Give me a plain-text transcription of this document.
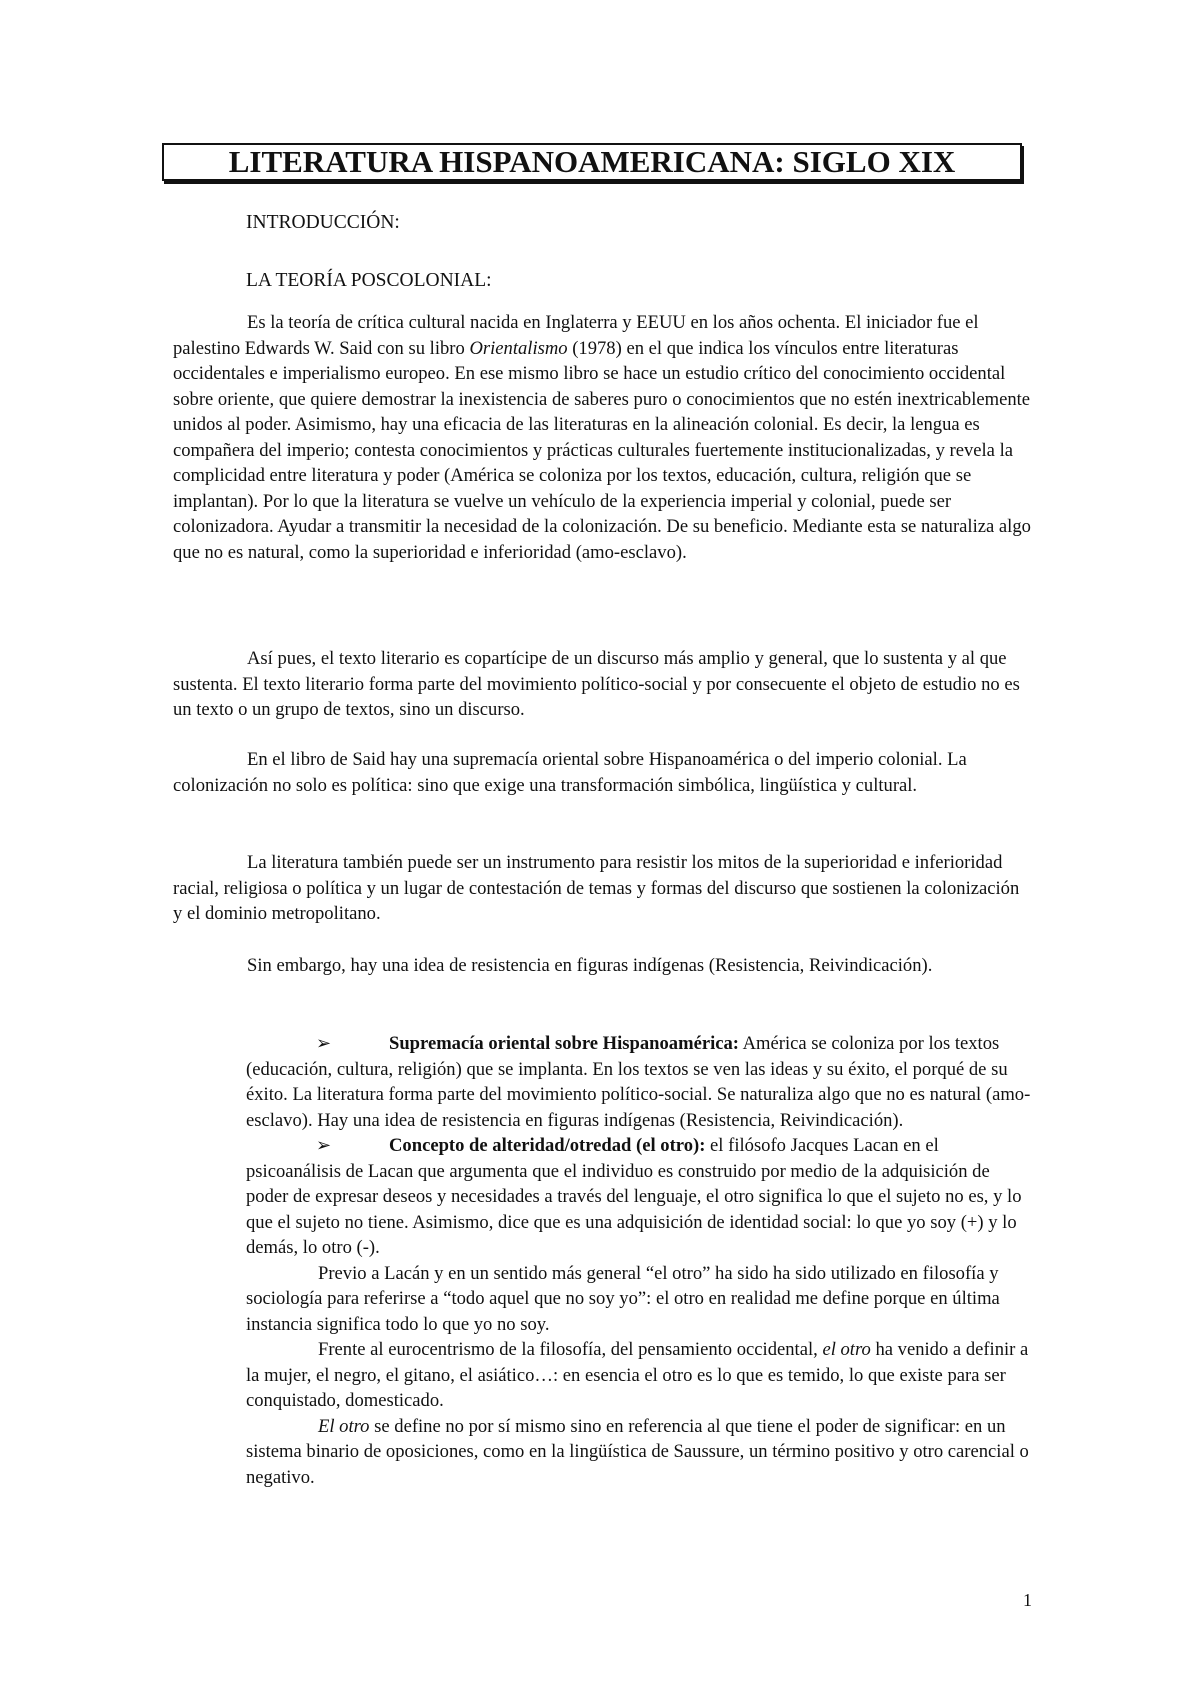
LITERATURA HISPANOAMERICANA: SIGLO XIX
INTRODUCCIÓN:
LA TEORÍA POSCOLONIAL:

Es la teoría de crítica cultural nacida en Inglaterra y EEUU en los años ochenta. El iniciador fue el palestino Edwards W. Said con su libro Orientalismo (1978) en el que indica los vínculos entre literaturas occidentales e imperialismo europeo. En ese mismo libro se hace un estudio crítico del conocimiento occidental sobre oriente, que quiere demostrar la inexistencia de saberes puro o conocimientos que no estén inextricablemente unidos al poder. Asimismo, hay una eficacia de las literaturas en la alineación colonial. Es decir, la lengua es compañera del imperio; contesta conocimientos y prácticas culturales fuertemente institucionalizadas, y revela la complicidad entre literatura y poder (América se coloniza por los textos, educación, cultura, religión que se implantan). Por lo que la literatura se vuelve un vehículo de la experiencia imperial y colonial, puede ser colonizadora. Ayudar a transmitir la necesidad de la colonización. De su beneficio. Mediante esta se naturaliza algo que no es natural, como la superioridad e inferioridad (amo-esclavo).

Así pues, el texto literario es copartícipe de un discurso más amplio y general, que lo sustenta y al que sustenta. El texto literario forma parte del movimiento político-social y por consecuente el objeto de estudio no es un texto o un grupo de textos, sino un discurso.

En el libro de Said hay una supremacía oriental sobre Hispanoamérica o del imperio colonial. La colonización no solo es política: sino que exige una transformación simbólica, lingüística y cultural.

La literatura también puede ser un instrumento para resistir los mitos de la superioridad e inferioridad racial, religiosa o política y un lugar de contestación de temas y formas del discurso que sostienen la colonización y el dominio metropolitano.

Sin embargo, hay una idea de resistencia en figuras indígenas (Resistencia, Reivindicación).

➢	Supremacía oriental sobre Hispanoamérica: América se coloniza por los textos (educación, cultura, religión) que se implanta. En los textos se ven las ideas y su éxito, el porqué de su éxito. La literatura forma parte del movimiento político-social. Se naturaliza algo que no es natural (amo-esclavo). Hay una idea de resistencia en figuras indígenas (Resistencia, Reivindicación).
➢	Concepto de alteridad/otredad (el otro): el filósofo Jacques Lacan en el psicoanálisis de Lacan que argumenta que el individuo es construido por medio de la adquisición de poder de expresar deseos y necesidades a través del lenguaje, el otro significa lo que el sujeto no es, y lo que el sujeto no tiene. Asimismo, dice que es una adquisición de identidad social: lo que yo soy (+) y lo demás, lo otro (-).

Previo a Lacán y en un sentido más general “el otro” ha sido ha sido utilizado en filosofía y sociología para referirse a “todo aquel que no soy yo”: el otro en realidad me define porque en última instancia significa todo lo que yo no soy.

Frente al eurocentrismo de la filosofía, del pensamiento occidental, el otro ha venido a definir a la mujer, el negro, el gitano, el asiático…: en esencia el otro es lo que es temido, lo que existe para ser conquistado, domesticado.

El otro se define no por sí mismo sino en referencia al que tiene el poder de significar: en un sistema binario de oposiciones, como en la lingüística de Saussure, un término positivo y otro carencial o negativo.

1
